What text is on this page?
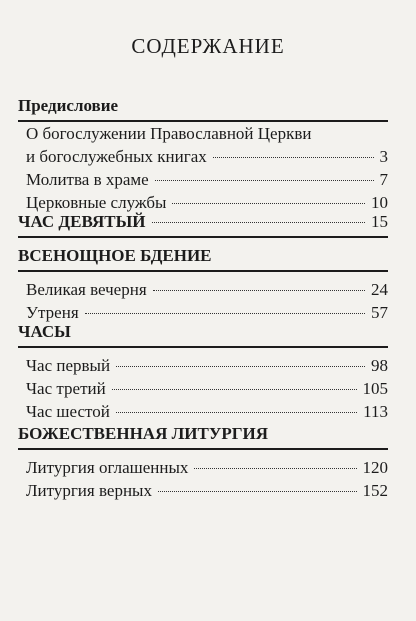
СОДЕРЖАНИЕ
Предисловие
О богослужении Православной Церкви
и богослужебных книгах	3
Молитва в храме	7
Церковные службы	10
ЧАС ДЕВЯТЫЙ	15
ВСЕНОЩНОЕ БДЕНИЕ
Великая вечерня	24
Утреня	57
ЧАСЫ
Час первый	98
Час третий	105
Час шестой	113
БОЖЕСТВЕННАЯ ЛИТУРГИЯ
Литургия оглашенных	120
Литургия верных	152
